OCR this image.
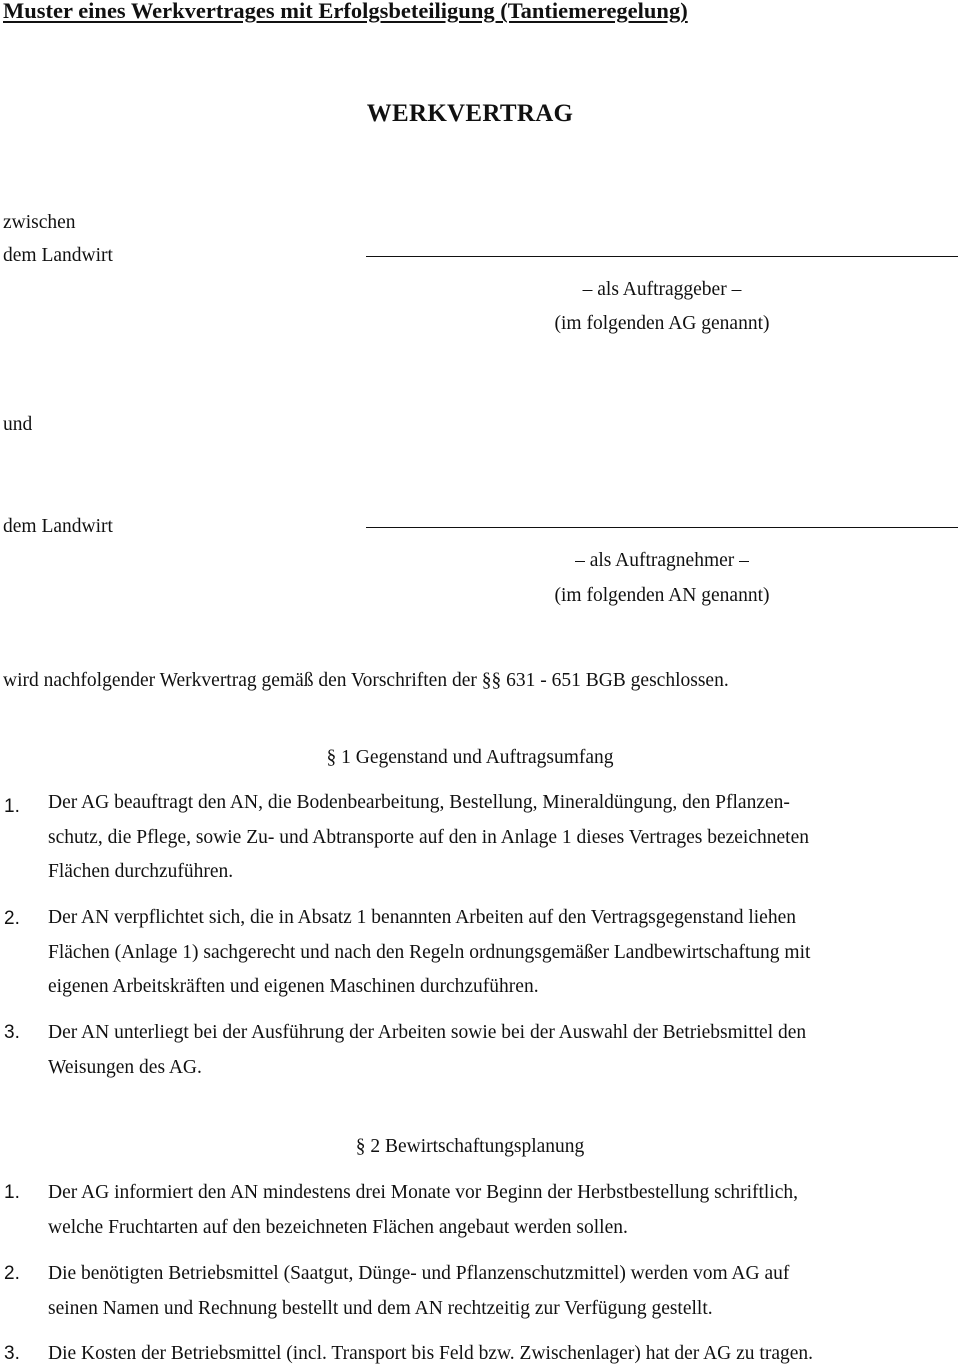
Muster eines Werkvertrages mit Erfolgsbeteiligung (Tantiemeregelung)
WERKVERTRAG
zwischen
dem Landwirt
– als Auftraggeber –
(im folgenden AG genannt)
und
dem Landwirt
– als Auftragnehmer –
(im folgenden AN genannt)
wird nachfolgender Werkvertrag gemäß den Vorschriften der §§ 631 - 651 BGB geschlossen.
§ 1 Gegenstand und Auftragsumfang
1. Der AG beauftragt den AN, die Bodenbearbeitung, Bestellung, Mineraldüngung, den Pflanzen-
schutz, die Pflege, sowie Zu- und Abtransporte auf den in Anlage 1 dieses Vertrages bezeichneten
Flächen durchzuführen.
2. Der AN verpflichtet sich, die in Absatz 1 benannten Arbeiten auf den Vertragsgegenstand liehen
Flächen (Anlage 1) sachgerecht und nach den Regeln ordnungsgemäßer Landbewirtschaftung mit
eigenen Arbeitskräften und eigenen Maschinen durchzuführen.
3. Der AN unterliegt bei der Ausführung der Arbeiten sowie bei der Auswahl der Betriebsmittel den
Weisungen des AG.
§ 2 Bewirtschaftungsplanung
1. Der AG informiert den AN mindestens drei Monate vor Beginn der Herbstbestellung schriftlich,
welche Fruchtarten auf den bezeichneten Flächen angebaut werden sollen.
2. Die benötigten Betriebsmittel (Saatgut, Dünge- und Pflanzenschutzmittel) werden vom AG auf
seinen Namen und Rechnung bestellt und dem AN rechtzeitig zur Verfügung gestellt.
3. Die Kosten der Betriebsmittel (incl. Transport bis Feld bzw. Zwischenlager) hat der AG zu tragen.
